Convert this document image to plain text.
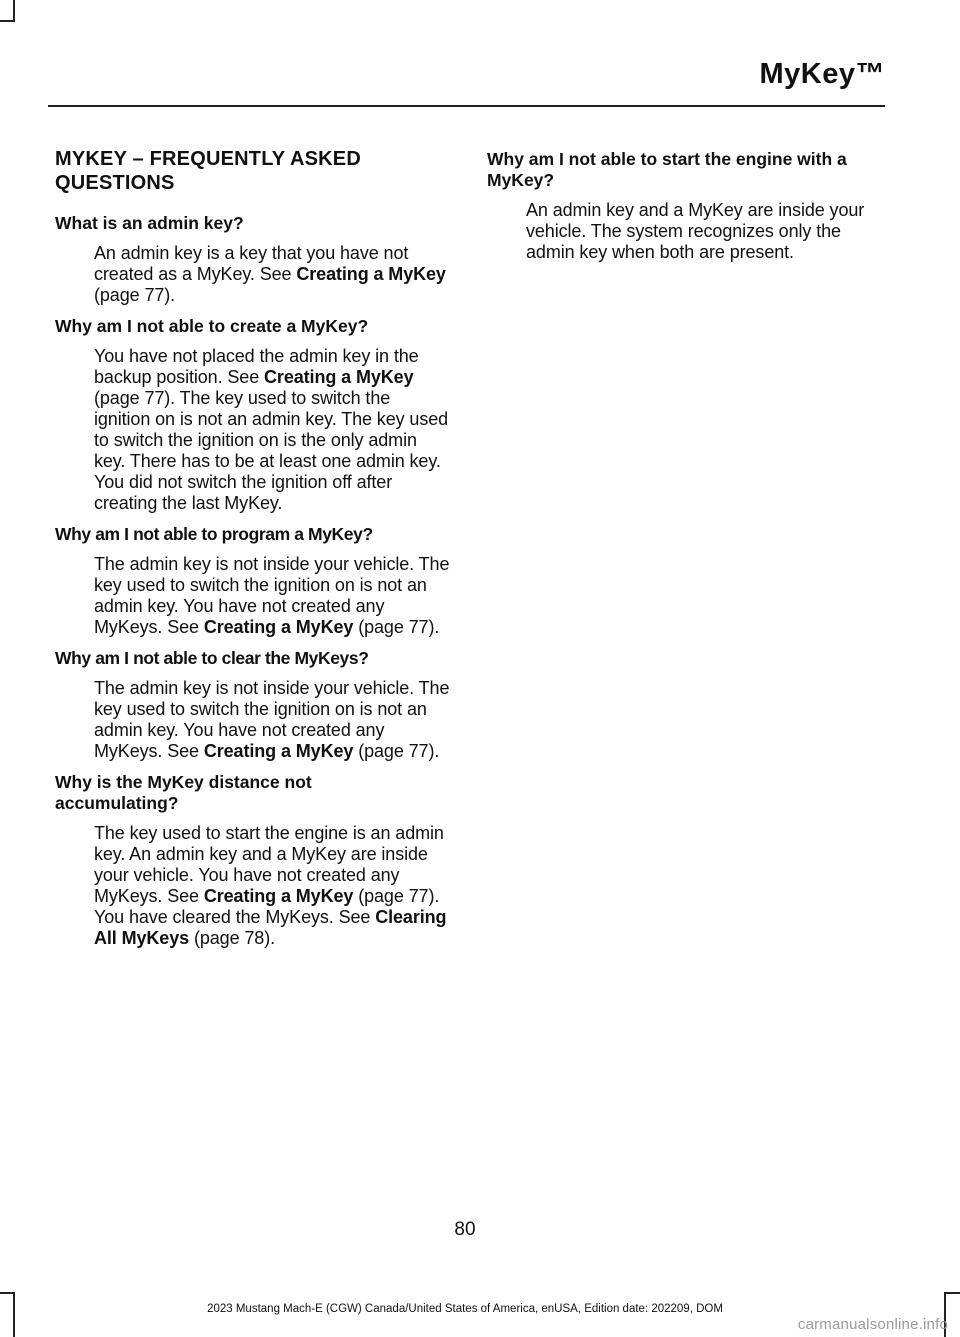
MyKey™
MYKEY – FREQUENTLY ASKED QUESTIONS
What is an admin key?
An admin key is a key that you have not created as a MyKey. See Creating a MyKey (page 77).
Why am I not able to create a MyKey?
You have not placed the admin key in the backup position. See Creating a MyKey (page 77). The key used to switch the ignition on is not an admin key. The key used to switch the ignition on is the only admin key. There has to be at least one admin key. You did not switch the ignition off after creating the last MyKey.
Why am I not able to program a MyKey?
The admin key is not inside your vehicle. The key used to switch the ignition on is not an admin key. You have not created any MyKeys. See Creating a MyKey (page 77).
Why am I not able to clear the MyKeys?
The admin key is not inside your vehicle. The key used to switch the ignition on is not an admin key. You have not created any MyKeys. See Creating a MyKey (page 77).
Why is the MyKey distance not accumulating?
The key used to start the engine is an admin key. An admin key and a MyKey are inside your vehicle. You have not created any MyKeys. See Creating a MyKey (page 77). You have cleared the MyKeys. See Clearing All MyKeys (page 78).
Why am I not able to start the engine with a MyKey?
An admin key and a MyKey are inside your vehicle. The system recognizes only the admin key when both are present.
80
2023 Mustang Mach-E (CGW) Canada/United States of America, enUSA, Edition date: 202209, DOM
carmanualsonline.info
